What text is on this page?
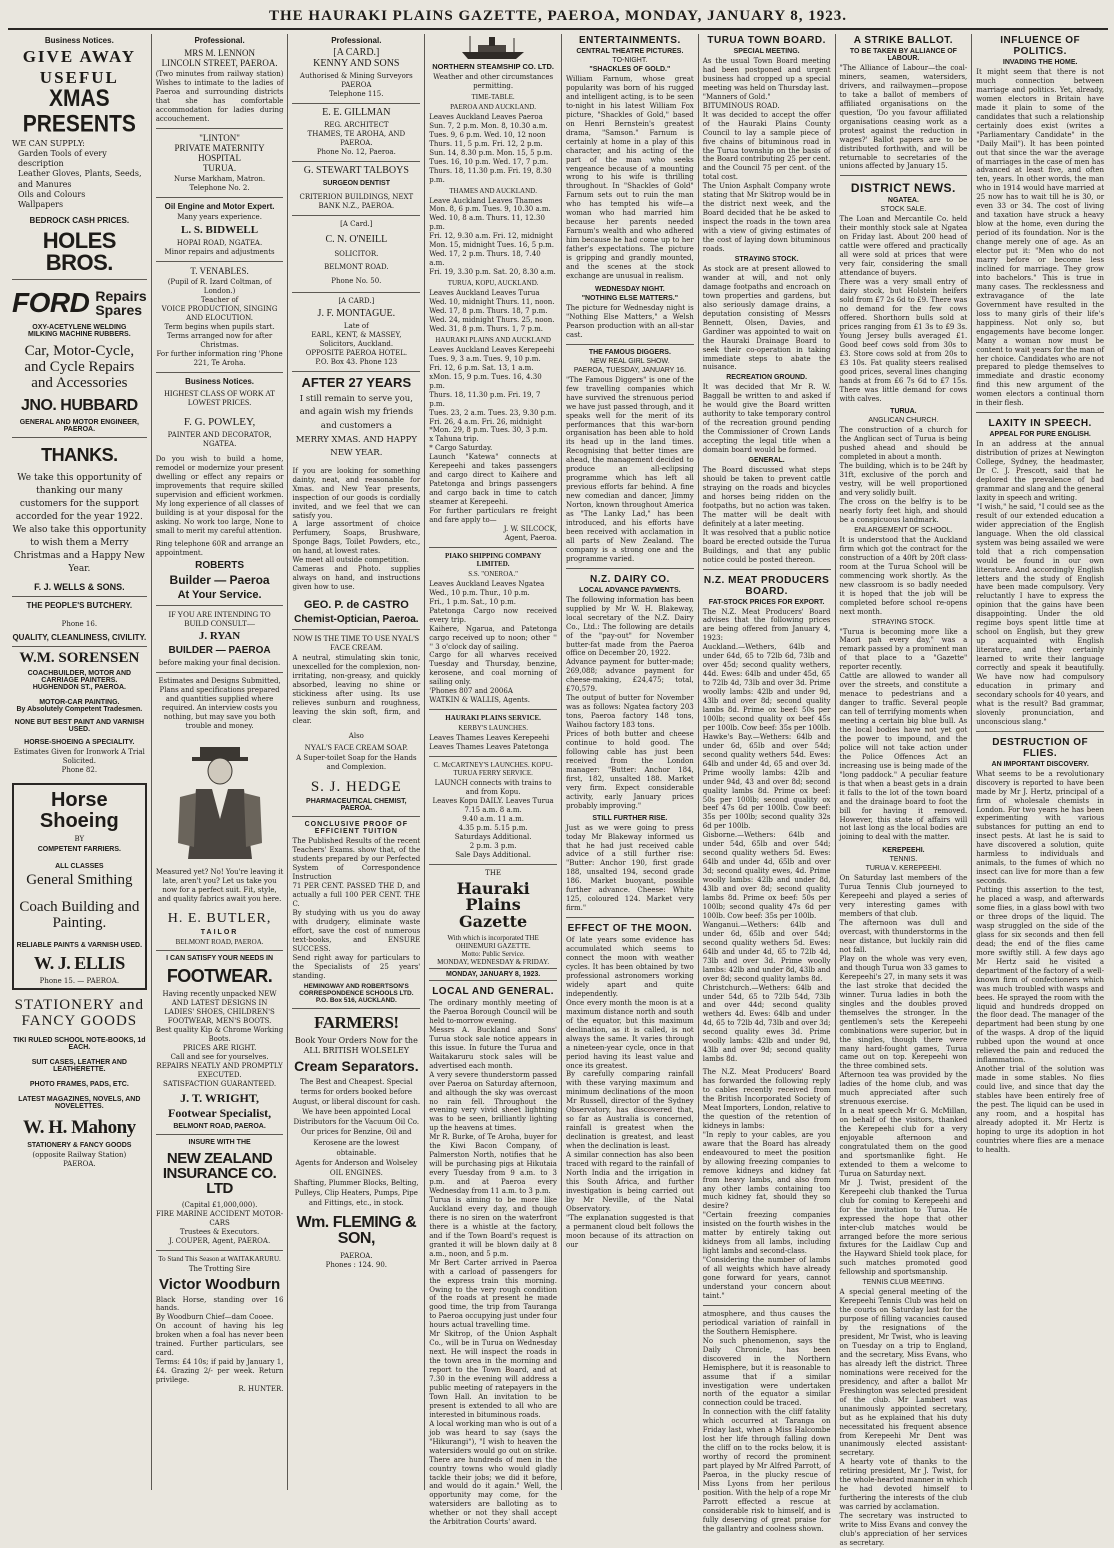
THE HAURAKI PLAINS GAZETTE, PAEROA, MONDAY, JANUARY 8, 1923.
Business Notices.
GIVE AWAY
USEFUL
XMAS PRESENTS
WE CAN SUPPLY:
Garden Tools of every description
Leather Gloves, Plants, Seeds, and Manures
Oils and Colours
Wallpapers
BEDROCK CASH PRICES.
HOLES BROS.
FORD Repairs
Spares
OXY-ACETYLENE WELDING
MILKING MACHINE RUBBERS.
Car, Motor-Cycle, and Cycle Repairs and Accessories
JNO. HUBBARD
GENERAL AND MOTOR ENGINEER,
PAEROA.
THANKS.
We take this opportunity of thanking our many customers for the support accorded for the year 1922. We also take this opportunity to wish them a Merry Christmas and a Happy New Year.
F. J. WELLS & SONS.
THE PEOPLE'S BUTCHERY.
Phone 16.
QUALITY, CLEANLINESS, CIVILITY.
W.M. SORENSEN
COACHBUILDER, MOTOR AND CARRIAGE PAINTERS.
HUGHENDON ST., PAEROA.
MOTOR-CAR PAINTING.
By Absolutely Competent Tradesmen.
NONE BUT BEST PAINT AND VARNISH USED.
HORSE-SHOEING A SPECIALITY.
Estimates Given for Ironwork A Trial Solicited.
Phone 82.
Horse Shoeing
BY
COMPETENT FARRIERS.
ALL CLASSES
General Smithing
Coach Building and Painting.
RELIABLE PAINTS & VARNISH USED.
W. J. ELLIS
Phone 15. — PAEROA.
STATIONERY and FANCY GOODS
TIKI RULED SCHOOL NOTE-BOOKS, 1d EACH.
SUIT CASES, LEATHER AND LEATHERETTE.
PHOTO FRAMES, PADS, ETC.
LATEST MAGAZINES, NOVELS, AND NOVELETTES.
W. H. Mahony
STATIONERY & FANCY GOODS
(opposite Railway Station)
PAEROA.
Professional.
MRS M. LENNON
LINCOLN STREET, PAEROA.
(Two minutes from railway station) Wishes to intimate to the ladies of Paeroa and surrounding districts that she has comfortable accommodation for ladies during accouchement.
"LINTON"
PRIVATE MATERNITY HOSPITAL
TURUA.
Nurse Markham, Matron.
Telephone No. 2.
Oil Engine and Motor Expert.
Many years experience.
L. S. BIDWELL
HOPAI ROAD, NGATEA.
Minor repairs and adjustments
T. VENABLES.
(Pupil of R. Izard Coltman, of London.)
Teacher of
VOICE PRODUCTION, SINGING AND ELOCUTION.
Term begins when pupils start. Terms arranged now for after Christmas.
For further information ring 'Phone 221, Te Aroha.
Business Notices.
HIGHEST CLASS OF WORK AT LOWEST PRICES.
F. G. POWLEY,
PAINTER AND DECORATOR,
NGATEA.
Do you wish to build a home, remodel or modernize your present dwelling or effect any repairs or improvements that require skilled supervision and efficient workmen. My long experience of all classes of building is at your disposal for the asking. No work too large, None to small to merit my careful attention.
Ring telephone 60R and arrange an appointment.
ROBERTS
Builder — Paeroa
At Your Service.
IF YOU ARE INTENDING TO BUILD CONSULT—
J. RYAN
BUILDER — PAEROA
before making your final decision.
Estimates and Designs Submitted, Plans and specifications prepared and quantities supplied where required. An interview costs you nothing, but may save you both trouble and money.
Measured yet? No! You're leaving it late, aren't you? Let us take you now for a perfect suit. Fit, style, and quality fabrics await you here.
H. E. BUTLER,
TAILOR
BELMONT ROAD, PAEROA.
I CAN SATISFY YOUR NEEDS IN
FOOTWEAR.
Having recently unpacked NEW AND LATEST DESIGNS IN LADIES' SHOES, CHILDREN'S FOOTWEAR, MEN'S BOOTS.
Best quality Kip & Chrome Working Boots.
PRICES ARE RIGHT.
Call and see for yourselves.
REPAIRS NEATLY AND PROMPTLY EXECUTED.
SATISFACTION GUARANTEED.
J. T. WRIGHT,
Footwear Specialist,
BELMONT ROAD, PAEROA.
INSURE WITH THE
NEW ZEALAND INSURANCE CO. LTD
(Capital £1,000,000).
FIRE MARINE ACCIDENT MOTOR-CARS
Trustees & Executors.
J. COUPER, Agent, PAEROA.
To Stand This Season at WAITAKARURU.
The Trotting Sire
Victor Woodburn
Black Horse, standing over 16 hands.
By Woodburn Chief—dam Cooee.
On account of having his leg broken when a foal has never been trained. Further particulars, see card.
Terms: £4 10s; if paid by January 1, £4. Grazing 2/- per week. Return privilege.
R. HUNTER.
Professional.
[A CARD.]
KENNY AND SONS
Authorised & Mining Surveyors PAEROA
Telephone 115.
E. E. GILLMAN
REG. ARCHITECT
THAMES, TE AROHA, AND PAEROA.
Phone No. 12, Paeroa.
G. STEWART TALBOYS
SURGEON DENTIST
CRITERION BUILDINGS, NEXT BANK N.Z., PAEROA.
[A Card.]
C. N. O'NEILL
SOLICITOR.
BELMONT ROAD.
Phone No. 50.
[A CARD.]
J. F. MONTAGUE.
Late of
EARL, KENT, & MASSEY, Solicitors, Auckland.
OPPOSITE PAEROA HOTEL.
P.O. Box 43. Phone 123
AFTER 27 YEARS
I still remain to serve you, and again wish my friends and customers a
MERRY XMAS. AND HAPPY NEW YEAR.
If you are looking for something dainty, neat, and reasonable for Xmas. and New Year presents, inspection of our goods is cordially invited, and we feel that we can satisfy you.
A large assortment of choice Perfumery, Soaps, Brushware, Sponge Bags, Toilet Powders, etc., on hand, at lowest rates.
We meet all outside competition.
Cameras and Photo. supplies always on hand, and instructions given how to use.
GEO. P. de CASTRO
Chemist-Optician, Paeroa.
NOW IS THE TIME TO USE NYAL'S FACE CREAM.
A neutral, stimulating skin tonic, unexcelled for the complexion, non-irritating, non-greasy, and quickly absorbed, leaving no shine or stickiness after using. Its use relieves sunburn and roughness, leaving the skin soft, firm, and clear.
Also
NYAL'S FACE CREAM SOAP.
A Super-toilet Soap for the Hands and Complexion.
S. J. HEDGE
PHARMACEUTICAL CHEMIST,
PAEROA.
CONCLUSIVE PROOF OF EFFICIENT TUITION
The Published Results of the recent Teachers' Exams. show that, of the students prepared by our Perfected System of Correspondence Instruction
71 PER CENT. PASSED THE D, and actually a full 100 PER CENT. THE C.
By studying with us you do away with drudgery, eliminate waste effort, save the cost of numerous text-books, and ENSURE SUCCESS.
Send right away for particulars to the Specialists of 25 years' standing.
HEMINGWAY AND ROBERTSON'S CORRESPONDENCE SCHOOLS LTD.
P.O. Box 516, AUCKLAND.
FARMERS!
Book Your Orders Now for the ALL BRITISH WOLSELEY
Cream Separators.
The Best and Cheapest. Special terms for orders booked before August, or liberal discount for cash.
We have been appointed Local Distributors for the Vacuum Oil Co.
Our prices for Benzine, Oil and Kerosene are the lowest obtainable.
Agents for Anderson and Wolseley OIL ENGINES.
Shafting, Plummer Blocks, Belting, Pulleys, Clip Heaters, Pumps, Pipe and Fittings, etc., in stock.
Wm. FLEMING & SON,
PAEROA.
Phones : 124. 90.
NORTHERN STEAMSHIP CO. LTD.
Weather and other circumstances permitting.
TIME-TABLE.
PAEROA AND AUCKLAND.
Leaves Auckland Leaves Paeroa
Sun. 7, 2 p.m. Mon. 8, 10.30 a.m.
Tues. 9, 6 p.m. Wed. 10, 12 noon
Thurs. 11, 5 p.m. Fri. 12, 2 p.m.
Sun. 14, 8.30 p.m. Mon. 15, 5 p.m.
Tues. 16, 10 p.m. Wed. 17, 7 p.m.
Thurs. 18, 11.30 p.m. Fri. 19, 8.30 p.m.
THAMES AND AUCKLAND.
Leave Auckland Leaves Thames
Mon. 8, 6 p.m. Tues. 9, 10.30 a.m.
Wed. 10, 8 a.m. Thurs. 11, 12.30 p.m.
Fri. 12, 9.30 a.m. Fri. 12, midnight
Mon. 15, midnight Tues. 16, 5 p.m.
Wed. 17, 2 p.m. Thurs. 18, 7.40 a.m.
Fri. 19, 3.30 p.m. Sat. 20, 8.30 a.m.
TURUA, KOPU, AUCKLAND.
Leaves Auckland Leaves Turua
Wed. 10, midnight Thurs. 11, noon.
Wed. 17, 8 p.m. Thurs. 18, 7 p.m.
Wed. 24, midnight Thurs. 25, noon.
Wed. 31, 8 p.m. Thurs. 1, 7 p.m.
HAURAKI PLAINS AND AUCKLAND
Leaves Auckland Leaves Kerepeehi
Tues. 9, 3 a.m. Tues. 9, 10 p.m.
Fri. 12, 6 p.m. Sat. 13, 1 a.m.
xMon. 15, 9 p.m. Tues. 16, 4.30 p.m.
Thurs. 18, 11.30 p.m. Fri. 19, 7 p.m.
Tues. 23, 2 a.m. Tues. 23, 9.30 p.m.
Fri. 26, 4 a.m. Fri. 26, midnight
*Mon. 29, 8 p.m. Tues. 30, 3 p.m.
x Tahuna trip.
* Cargo Saturday.
Launch "Katewa" connects at Kerepeehi and takes passengers and cargo direct to Kaihere and Patetonga and brings passengers and cargo back in time to catch steamer at Kerepeehi.
For further particulars re freight and fare apply to—
J. W. SILCOCK,
Agent, Paeroa.
PIAKO SHIPPING COMPANY LIMITED.
S.S. "ONEROA."
Leaves Auckland Leaves Ngatea
Wed., 10 p.m. Thur., 10 p.m.
Fri., 1 p.m. Sat., 10 p.m.
Patetonga Cargo now received every trip.
Kaihere, Ngarua, and Patetonga cargo received up to noon; other '' '' 3 o'clock day of sailing.
Cargo for all wharves received Tuesday and Thursday, benzine, kerosene, and coal morning of sailing only.
'Phones 807 and 2006A
WATKIN & WALLIS, Agents.
HAURAKI PLAINS SERVICE.
KERBY'S LAUNCHES.
Leaves Thames Leaves Kerepeehi
Leaves Thames Leaves Patetonga
C. McCARTNEY'S LAUNCHES. KOPU-TURUA FERRY SERVICE.
LAUNCH connects with trains to and from Kopu.
Leaves Kopu DAILY. Leaves Turua
7.15 a.m. 8 a.m.
9.40 a.m. 11 a.m.
4.35 p.m. 5.15 p.m.
Saturdays Additional.
2 p.m. 3 p.m.
Sale Days Additional.
THE
Hauraki Plains Gazette
With which is incorporated THE OHINEMURI GAZETTE.
Motto: Public Service.
MONDAY, WEDNESDAY & FRIDAY.
MONDAY, JANUARY 8, 1923.
LOCAL AND GENERAL.
The ordinary monthly meeting of the Paeroa Borough Council will be held to-morrow evening.
Messrs A. Buckland and Sons' Turua stock sale notice appears in this issue. In future the Turua and Waitakaruru stock sales will be advertised each month.
A very severe thunderstorm passed over Paeroa on Saturday afternoon, and although the sky was overcast no rain fell. Throughout the evening very vivid sheet lightning was to be seen, brilliantly lighting up the heavens at times.
Mr R. Burke, of Te Aroha, buyer for the Kiwi Bacon Company, of Palmerston North, notifies that he will be purchasing pigs at Hikutaia every Tuesday from 9 a.m. to 3 p.m. and at Paeroa every Wednesday from 11 a.m. to 3 p.m.
Turua is aiming to be more like Auckland every day, and though there is no siren on the waterfront there is a whistle at the factory, and if the Town Board's request is granted it will be blown daily at 8 a.m., noon, and 5 p.m.
Mr Bert Carter arrived in Paeroa with a carload of passengers for the express train this morning. Owing to the very rough condition of the roads at present he made good time, the trip from Tauranga to Paeroa occupying just under four hours actual travelling time.
Mr Skitrop, of the Union Asphalt Co., will be in Turua on Wednesday next. He will inspect the roads in the town area in the morning and report to the Town Board, and at 7.30 in the evening will address a public meeting of ratepayers in the Town Hall. An invitation to be present is extended to all who are interested in bituminous roads.
A local working man who is out of a job was heard to say (says the "Hikurangi"), "I wish to heaven the watersiders would go out on strike. There are hundreds of men in the country towns who would gladly tackle their jobs; we did it before, and would do it again." Well, the opportunity may come, for the watersiders are balloting as to whether or not they shall accept the Arbitration Courts' award.
ENTERTAINMENTS.
CENTRAL THEATRE PICTURES.
TO-NIGHT.
"SHACKLES OF GOLD."
William Farnum, whose great popularity was born of his rugged and intelligent acting, is to be seen to-night in his latest William Fox picture, "Shackles of Gold," based on Henri Bernstein's greatest drama, "Samson." Farnum is certainly at home in a play of this character, and his acting of the part of the man who seeks vengeance because of a mounting wrong to his wife is thrilling throughout. In "Shackles of Gold" Farnum sets out to ruin the man who has tempted his wife—a woman who had married him because her parents needed Farnum's wealth and who adhered him because he had come up to her father's expectations. The picture is gripping and grandly mounted, and the scenes at the stock exchange are unusual in realism.
WEDNESDAY NIGHT.
"NOTHING ELSE MATTERS."
The picture for Wednesday night is "Nothing Else Matters," a Welsh Pearson production with an all-star cast.
THE FAMOUS DIGGERS.
NEW REAL GIRL SHOW.
PAEROA, TUESDAY, JANUARY 16.
"The Famous Diggers" is one of the few travelling companies which have survived the strenuous period we have just passed through, and it speaks well for the merit of its performances that this war-born organisation has been able to hold its head up in the land times. Recognising that better times are ahead, the management decided to produce an all-eclipsing programme which has left all previous efforts far behind. A fine new comedian and dancer, Jimmy Norton, known throughout America as "The Lanky Lad," has been introduced, and his efforts have been received with acclamation in all parts of New Zealand. The company is a strong one and the programme varied.
N.Z. DAIRY CO.
LOCAL ADVANCE PAYMENTS.
The following information has been supplied by Mr W. H. Blakeway, local secretary of the N.Z. Dairy Co., Ltd.: The following are details of the "pay-out" for November butter-fat made from the Paeroa office on December 20, 1922.
Advance payment for butter-made; 269,088; advance payment for cheese-making, £24,475; total, £70,579.
The output of butter for November was as follows: Ngatea factory 203 tons, Paeroa factory 148 tons, Waihou factory 183 tons.
Prices of both butter and cheese continue to hold good. The following cable has just been received from the London manager: "Butter: Anchor 184, first, 182, unsalted 188. Market very firm. Expect considerable activity, early January prices probably improving."
STILL FURTHER RISE.
Just as we were going to press today Mr Blakeway informed us that he had just received cable advice of a still further rise: "Butter: Anchor 190, first grade 188, unsalted 194, second grade 186. Market buoyant, possible further advance. Cheese: White 125, coloured 124. Market very firm."
EFFECT OF THE MOON.
Of late years some evidence has accumulated which seems to connect the moon with weather cycles. It has been obtained by two professional astronomers working widely apart and quite independently.
Once every month the moon is at a maximum distance north and south of the equator, but this maximum declination, as it is called, is not always the same. It varies through a nineteen-year cycle, once in that period having its least value and once its greatest.
By carefully comparing rainfall with these varying maximum and minimum declinations of the moon Mr Russell, director of the Sydney Observatory, has discovered that, so far as Australia is concerned, rainfall is greatest when the declination is greatest, and least when the declination is least.
A similar connection has also been traced with regard to the rainfall of North India and the irrigation in this South Africa, and further investigation is being carried out by Mr Neville, of the Natal Observatory.
"The explanation suggested is that a permanent cloud belt follows the moon because of its attraction on our
TURUA TOWN BOARD.
SPECIAL MEETING.
As the usual Town Board meeting had been postponed and urgent business had cropped up a special meeting was held on Thursday last.
"Manners of Gold."
BITUMINOUS ROAD.
It was decided to accept the offer of the Hauraki Plains County Council to lay a sample piece of five chains of bituminous road in the Turua township on the basis of the Board contributing 25 per cent. and the Council 75 per cent. of the total cost.
The Union Asphalt Company wrote stating that Mr Skitrop would be in the district next week, and the Board decided that he be asked to inspect the roads in the town area with a view of giving estimates of the cost of laying down bituminous roads.
STRAYING STOCK.
As stock are at present allowed to wander at will, and not only damage footpaths and encroach on town properties and gardens, but also seriously damage drains, a deputation consisting of Messrs Bennett, Olsen, Davies, and Gardiner was appointed to wait on the Hauraki Drainage Board to seek their co-operation in taking immediate steps to abate the nuisance.
RECREATION GROUND.
It was decided that Mr R. W. Baggall be written to and asked if he would give the Board written authority to take temporary control of the recreation ground pending the Commissioner of Crown Lands accepting the legal title when a domain board would be formed.
GENERAL.
The Board discussed what steps should be taken to prevent cattle straying on the roads and bicycles and horses being ridden on the footpaths, but no action was taken. The matter will be dealt with definitely at a later meeting.
It was resolved that a public notice board be erected outside the Turua Buildings, and that any public notice could be posted thereon.
N.Z. MEAT PRODUCERS BOARD.
FAT-STOCK PRICES FOR EXPORT.
The N.Z. Meat Producers' Board advises that the following prices are being offered from January 4, 1923:
Auckland.—Wethers, 64lb and under 64d, 65 to 72lb 6d, 73lb and over 45d; second quality wethers, 44d. Ewes: 64lb and under 45d, 65 to 72lb 4d, 73lb and over 3d. Prime woolly lambs: 42lb and under 9d, 43lb and over 8d; second quality lambs 8d. Prime ox beef: 50s per 100lb; second quality ox beef 45s per 100lb. Cow beef: 35s per 100lb.
Hawke's Bay.—Wethers: 64lb and under 6d, 65lb and over 54d; second quality wethers 54d. Ewes: 64lb and under 4d, 65 and over 3d. Prime woolly lambs: 42lb and under 94d, 43 and over 8d; second quality lambs 8d. Prime ox beef: 50s per 100lb; second quality ox beef 47s 6d per 100lb. Cow beef: 35s per 100lb; second quality 32s 6d per 100lb.
Gisborne.—Wethers: 64lb and under 54d, 65lb and over 54d; second quality wethers 5d. Ewes: 64lb and under 4d, 65lb and over 3d; second quality ewes, 4d. Prime woolly lambs: 42lb and under 8d, 43lb and over 8d; second quality lambs 8d. Prime ox beef: 50s per 100lb; second quality 47s 6d per 100lb. Cow beef: 35s per 100lb.
Wanganui.—Wethers: 64lb and under 6d, 65lb and over 54d; second quality wethers 5d. Ewes: 64lb and under 4d, 65 to 72lb 4d, 73lb and over 3d. Prime woolly lambs: 42lb and under 8d, 43lb and over 8d; second quality lambs 8d.
Christchurch.—Wethers: 64lb and under 54d, 65 to 72lb 54d, 73lb and over 44d; second quality wethers 4d. Ewes: 64lb and under 4d, 65 to 72lb 4d, 73lb and over 3d; second quality ewes 3d. Prime woolly lambs: 42lb and under 9d, 43lb and over 9d; second quality lambs 8d.
The N.Z. Meat Producers' Board has forwarded the following reply to cables recently received from the British Incorporated Society of Meat Importers, London, relative to the question of the retention of kidneys in lambs:
"In reply to your cables, are you aware that the Board has already endeavoured to meet the position by allowing freezing companies to remove kidneys and kidney fat from heavy lambs, and also from any other lambs containing too much kidney fat, should they so desire?
"Certain freezing companies insisted on the fourth wishes in the matter by entirely taking out kidneys from all lambs, including light lambs and second-class.
"Considering the number of lambs of all weights which have already gone forward for years, cannot understand your concern about taint."
atmosphere, and thus causes the periodical variation of rainfall in the Southern Hemisphere.
No such phenomenon, says the Daily Chronicle, has been discovered in the Northern Hemisphere, but it is reasonable to assume that if a similar investigation were undertaken north of the equator a similar connection could be traced.
In connection with the cliff fatality which occurred at Taranga on Friday last, when a Miss Halcombe lost her life through falling down the cliff on to the rocks below, it is worthy of record the prominent part played by Mr Alfred Parrott, of Paeroa, in the plucky rescue of Miss Lyons from her perilous position. With the help of a rope Mr Parrott effected a rescue at considerable risk to himself, and is fully deserving of great praise for the gallantry and coolness shown.
A STRIKE BALLOT.
TO BE TAKEN BY ALLIANCE OF LABOUR.
"The Alliance of Labour—the coal-miners, seamen, watersiders, drivers, and railwaymen—propose to take a ballot of members of affiliated organisations on the question, 'Do you favour affiliated organisations ceasing work as a protest against the reduction in wages?' Ballot papers are to be distributed forthwith, and will be returnable to secretaries of the unions affected by January 15.
DISTRICT NEWS.
NGATEA.
STOCK SALE.
The Loan and Mercantile Co. held their monthly stock sale at Ngatea on Friday last. About 200 head of cattle were offered and practically all were sold at prices that were very fair, considering the small attendance of buyers.
There was a very small entry of dairy stock, but Holstein heifers sold from £7 2s 6d to £9. There was no demand for the few cows offered. Shorthorn bulls sold at prices ranging from £1 3s to £9 3s. Young Jersey bulls averaged £1. Good beef cows sold from 30s to £3. Store cows sold at from 20s to £3 10s. Fat quality steers realised good prices, several lines changing hands at from £6 7s 6d to £7 15s. There was little demand for cows with calves.
TURUA.
ANGLICAN CHURCH.
The construction of a church for the Anglican sect of Turua is being pushed ahead and should be completed in about a month.
The building, which is to be 24ft by 31ft, exclusive of the porch and vestry, will be well proportioned and very solidly built.
The cross on the belfry is to be nearly forty feet high, and should be a conspicuous landmark.
ENLARGEMENT OF SCHOOL.
It is understood that the Auckland firm which got the contract for the construction of a 40ft by 20ft class-room at the Turua School will be commencing work shortly. As the new classroom is so badly needed it is hoped that the job will be completed before school re-opens next month.
STRAYING STOCK.
"Turua is becoming more like a Maori pah every day," was a remark passed by a prominent man of that place to a "Gazette" reporter recently.
Cattle are allowed to wander all over the streets, and constitute a menace to pedestrians and a danger to traffic. Several people can tell of terrifying moments when meeting a certain big blue bull. As the local bodies have not yet got the power to impound, and the police will not take action under the Police Offences Act an increasing use is being made of the "long paddock." A peculiar feature is that when a beast gets in a drain it falls to the lot of the town board and the drainage board to foot the bill for having it removed. However, this state of affairs will not last long as the local bodies are joining to deal with the matter.
KEREPEEHI.
TENNIS.
TURUA V. KEREPEEHI.
On Saturday last members of the Turua Tennis Club journeyed to Kerepeehi and played a series of very interesting games with members of that club.
The afternoon was dull and overcast, with thunderstorms in the near distance, but luckily rain did not fall.
Play on the whole was very even, and though Turua won 33 games to Kerepeehi's 27, in many sets it was the last stroke that decided the winner. Turua ladies in both the singles and the doubles proved themselves the stronger. In the gentlemen's sets the Kerepeehi combinations were superior, but in the singles, though there were many hard-fought games, Turua came out on top. Kerepeehi won the three combined sets.
Afternoon tea was provided by the ladies of the home club, and was much appreciated after such strenuous exercise.
In a neat speech Mr G. McMillan, on behalf of the visitors, thanked the Kerepeehi club for a very enjoyable afternoon and congratulated them on the good and sportsmanlike fight. He extended to them a welcome to Turua on Saturday next.
Mr J. Twist, president of the Kerepeehi club thanked the Turua club for coming to Kerepeehi and for the invitation to Turua. He expressed the hope that other inter-club matches would be arranged before the more serious fixtures for the Laidlaw Cup and the Hayward Shield took place, for such matches promoted good fellowship and sportsmanship.
TENNIS CLUB MEETING.
A special general meeting of the Kerepeehi Tennis Club was held on the courts on Saturday last for the purpose of filling vacancies caused by the resignations of the president, Mr Twist, who is leaving on Tuesday on a trip to England, and the secretary, Miss Evans, who has already left the district. Three nominations were received for the presidency, and after a ballot Mr Freshington was selected president of the club. Mr Lambert was unanimously appointed secretary, but as he explained that his duty necessitated his frequent absence from Kerepeehi Mr Dent was unanimously elected assistant-secretary.
A hearty vote of thanks to the retiring president, Mr J. Twist, for the whole-hearted manner in which he had devoted himself to furthering the interests of the club was carried by acclamation.
The secretary was instructed to write to Miss Evans and convey the club's appreciation of her services as secretary.
INFLUENCE OF POLITICS.
INVADING THE HOME.
It might seem that there is not much connection between marriage and politics. Yet, already, women electors in Britain have made it plain to some of the candidates that such a relationship certainly does exist (writes a "Parliamentary Candidate" in the "Daily Mail"). It has been pointed out that since the war the average of marriages in the case of men has advanced at least five, and often ten, years. In other words, the man who in 1914 would have married at 25 now has to wait till he is 30, or even 33 or 34. The cost of living and taxation have struck a heavy blow at the home, even during the period of its foundation. Nor is the change merely one of age. As an elector put it: "Men who do not marry before or become less inclined for marriage. They grow into bachelors." This is true in many cases. The recklessness and extravagance of the late Government have resulted in the loss to many girls of their life's happiness. Not only so, but engagements have become longer. Many a woman now must be content to wait years for the man of her choice. Candidates who are not prepared to pledge themselves to immediate and drastic economy find this new argument of the women electors a continual thorn in their flesh.
LAXITY IN SPEECH.
APPEAL FOR PURE ENGLISH.
In an address at the annual distribution of prizes at Newington College, Sydney, the headmaster, Dr C. J. Prescott, said that he deplored the prevalence of bad grammar and slang and the general laxity in speech and writing.
"I wish," he said, "I could see as the result of our extended education a wider appreciation of the English language. When the old classical system was being assailed we were told that a rich compensation would be found in our own literature. And accordingly English letters and the study of English have been made compulsory. Very reluctantly I have to express the opinion that the gains have been disappointing. Under the old regime boys spent little time at school on English, but they grew up acquainted with English literature, and they certainly learned to write their language correctly and speak it beautifully. We have now had compulsory education in primary and secondary schools for 40 years, and what is the result? Bad grammar, slovenly pronunciation, and unconscious slang."
DESTRUCTION OF FLIES.
AN IMPORTANT DISCOVERY.
What seems to be a revolutionary discovery is reported to have been made by Mr J. Hertz, principal of a firm of wholesale chemists in London. For two years he has been experimenting with various substances for putting an end to insect pests. At last he is said to have discovered a solution, quite harmless to individuals and animals, to the fumes of which no insect can live for more than a few seconds.
Putting this assertion to the test, he placed a wasp, and afterwards some flies, in a glass bowl with two or three drops of the liquid. The wasp struggled on the side of the glass for six seconds and then fell dead; the end of the flies came more swiftly still. A few days ago Mr Hertz said he visited a department of the factory of a well-known firm of confectioners which was much troubled with wasps and bees. He sprayed the room with the liquid and hundreds dropped on the floor dead. The manager of the department had been stung by one of the wasps. A drop of the liquid rubbed upon the wound at once relieved the pain and reduced the inflammation.
Another trial of the solution was made in some stables. No flies could live, and since that day the stables have been entirely free of the pest. The liquid can be used in any room, and a hospital has already adopted it. Mr Hertz is hoping to urge its adoption in hot countries where flies are a menace to health.
